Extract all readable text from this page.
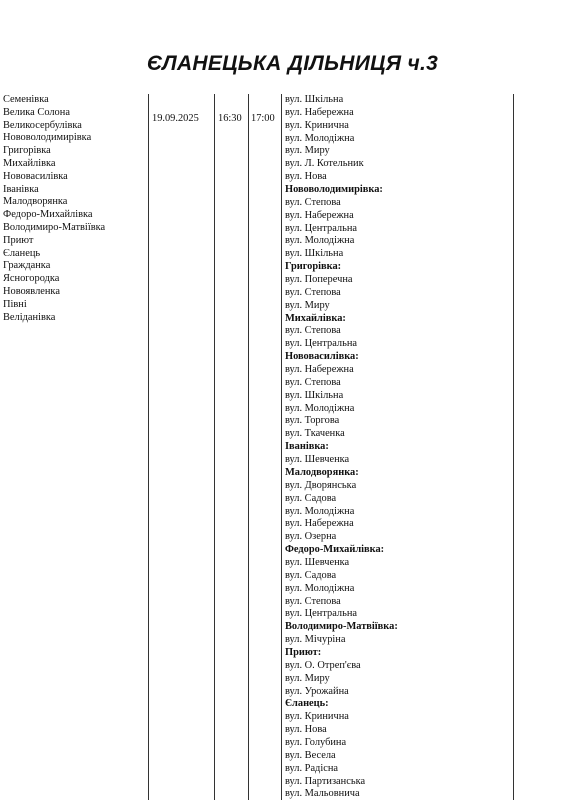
ЄЛАНЕЦЬКА ДІЛЬНИЦЯ ч.3
Семенівка
Велика Солона
Великосербулівка
Нововолодимирівка
Григорівка
Михайлівка
Нововасилівка
Іванівка
Малодворянка
Федоро-Михайлівка
Володимиро-Матвіївка
Приют
Єланець
Гражданка
Ясногородка
Новоявленка
Півні
Веліданівка
19.09.2025 16:30 17:00
вул. Шкільна
вул. Набережна
вул. Кринична
вул. Молодіжна
вул. Миру
вул. Л. Котельник
вул. Нова
Нововолодимирівка:
вул. Степова
вул. Набережна
вул. Центральна
вул. Молодіжна
вул. Шкільна
Григорівка:
вул. Поперечна
вул. Степова
вул. Миру
Михайлівка:
вул. Степова
вул. Центральна
Нововасилівка:
вул. Набережна
вул. Степова
вул. Шкільна
вул. Молодіжна
вул. Торгова
вул. Ткаченка
Іванівка:
вул. Шевченка
Малодворянка:
вул. Дворянська
вул. Садова
вул. Молодіжна
вул. Набережна
вул. Озерна
Федоро-Михайлівка:
вул. Шевченка
вул. Садова
вул. Молодіжна
вул. Степова
вул. Центральна
Володимиро-Матвіївка:
вул. Мічуріна
Приют:
вул. О. Отреп'єва
вул. Миру
вул. Урожайна
Єланець:
вул. Кринична
вул. Нова
вул. Голубина
вул. Весела
вул. Радісна
вул. Партизанська
вул. Мальовнича
